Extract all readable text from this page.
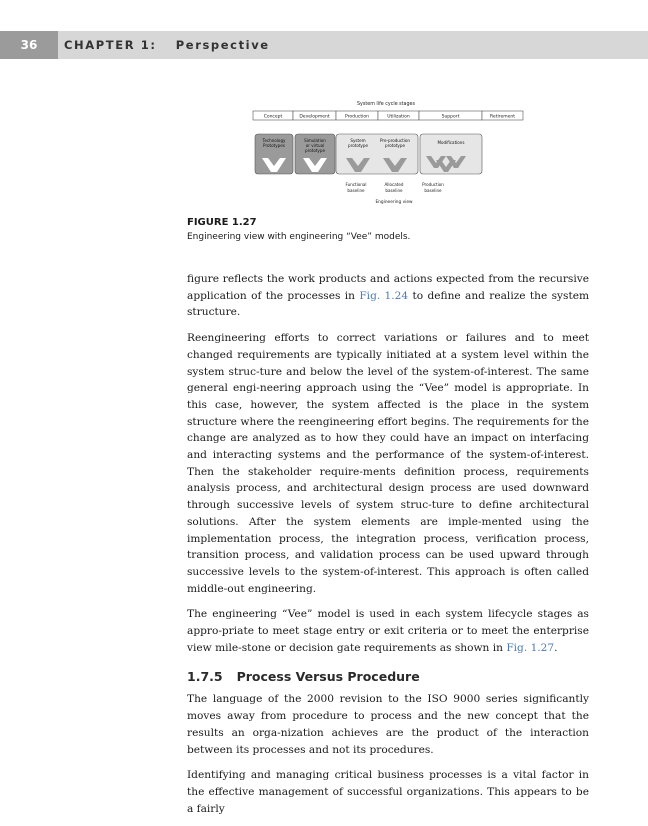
36	CHAPTER 1: Perspective
System life cycle stages
Concept	Development	Production	Utilization	Support	Retirement
Technology
Prototypes
Simulation
or virtual
prototype
System
prototype
Pre-production
prototype
Modifications
Functional
baseline
Allocated
baseline
Production
baseline
Engineering view

FIGURE 1.27

Engineering view with engineering “Vee” models.

figure reflects the work products and actions expected from the recursive application of the processes in Fig. 1.24 to define and realize the system structure.

Reengineering efforts to correct variations or failures and to meet changed requirements are typically initiated at a system level within the system struc-ture and below the level of the system-of-interest. The same general engi-neering approach using the “Vee” model is appropriate. In this case, however, the system affected is the place in the system structure where the reengineering effort begins. The requirements for the change are analyzed as to how they could have an impact on interfacing and interacting systems and the performance of the system-of-interest. Then the stakeholder require-ments definition process, requirements analysis process, and architectural design process are used downward through successive levels of system struc-ture to define architectural solutions. After the system elements are imple-mented using the implementation process, the integration process, verification process, transition process, and validation process can be used upward through successive levels to the system-of-interest. This approach is often called middle-out engineering.

The engineering “Vee” model is used in each system lifecycle stages as appro-priate to meet stage entry or exit criteria or to meet the enterprise view mile-stone or decision gate requirements as shown in Fig. 1.27.

1.7.5 Process Versus Procedure

The language of the 2000 revision to the ISO 9000 series significantly moves away from procedure to process and the new concept that the results an orga-nization achieves are the product of the interaction between its processes and not its procedures.

Identifying and managing critical business processes is a vital factor in the effective management of successful organizations. This appears to be a fairly
